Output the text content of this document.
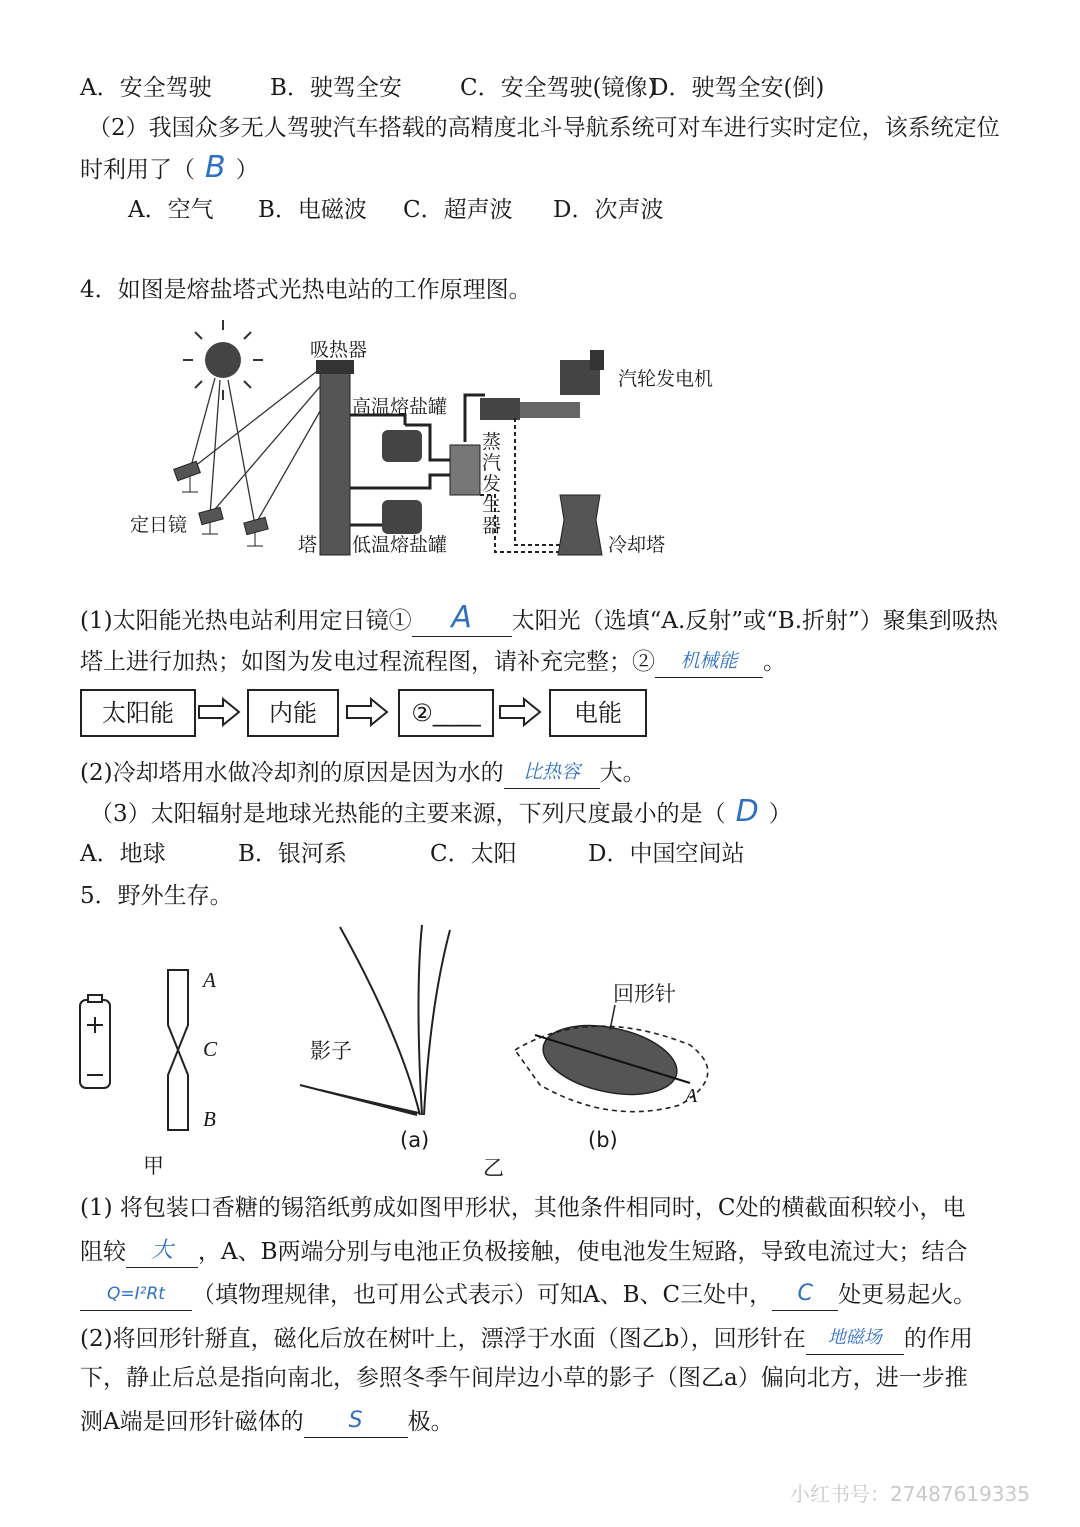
A．安全驾驶	B．驶驾全安	C．安全驾驶(镜像)D．驶驾全安(倒)
（2）我国众多无人驾驶汽车搭载的高精度北斗导航系统可对车进行实时定位，该系统定位
时利用了（ B ）
A．空气 B．电磁波 C．超声波 D．次声波
4．如图是熔盐塔式光热电站的工作原理图。
吸热器
高温熔盐罐
汽轮发电机
蒸
汽
发
生
器
定日镜
塔 低温熔盐罐	冷却塔
(1)太阳能光热电站利用定日镜① A 太阳光（选填“A.反射”或“B.折射”）聚集到吸热
塔上进行加热；如图为发电过程流程图，请补充完整；② 机械能 。
太阳能	内能	②____	电能
(2)冷却塔用水做冷却剂的原因是因为水的 比热容 大。
（3）太阳辐射是地球光热能的主要来源，下列尺度最小的是（ D ）
A．地球	B．银河系	C．太阳	D．中国空间站
5．野外生存。
A
C
B
甲
影子
回形针
(a)	(b)
乙
A
(1) 将包装口香糖的锡箔纸剪成如图甲形状，其他条件相同时，C处的横截面积较小，电
阻较 大 ，A、B两端分别与电池正负极接触，使电池发生短路，导致电流过大；结合
Q=I²Rt （填物理规律，也可用公式表示）可知A、B、C三处中， C 处更易起火。
(2)将回形针掰直，磁化后放在树叶上，漂浮于水面（图乙b），回形针在 地磁场 的作用
下，静止后总是指向南北，参照冬季午间岸边小草的影子（图乙a）偏向北方，进一步推
测A端是回形针磁体的 S 极。
小红书号：27487619335
